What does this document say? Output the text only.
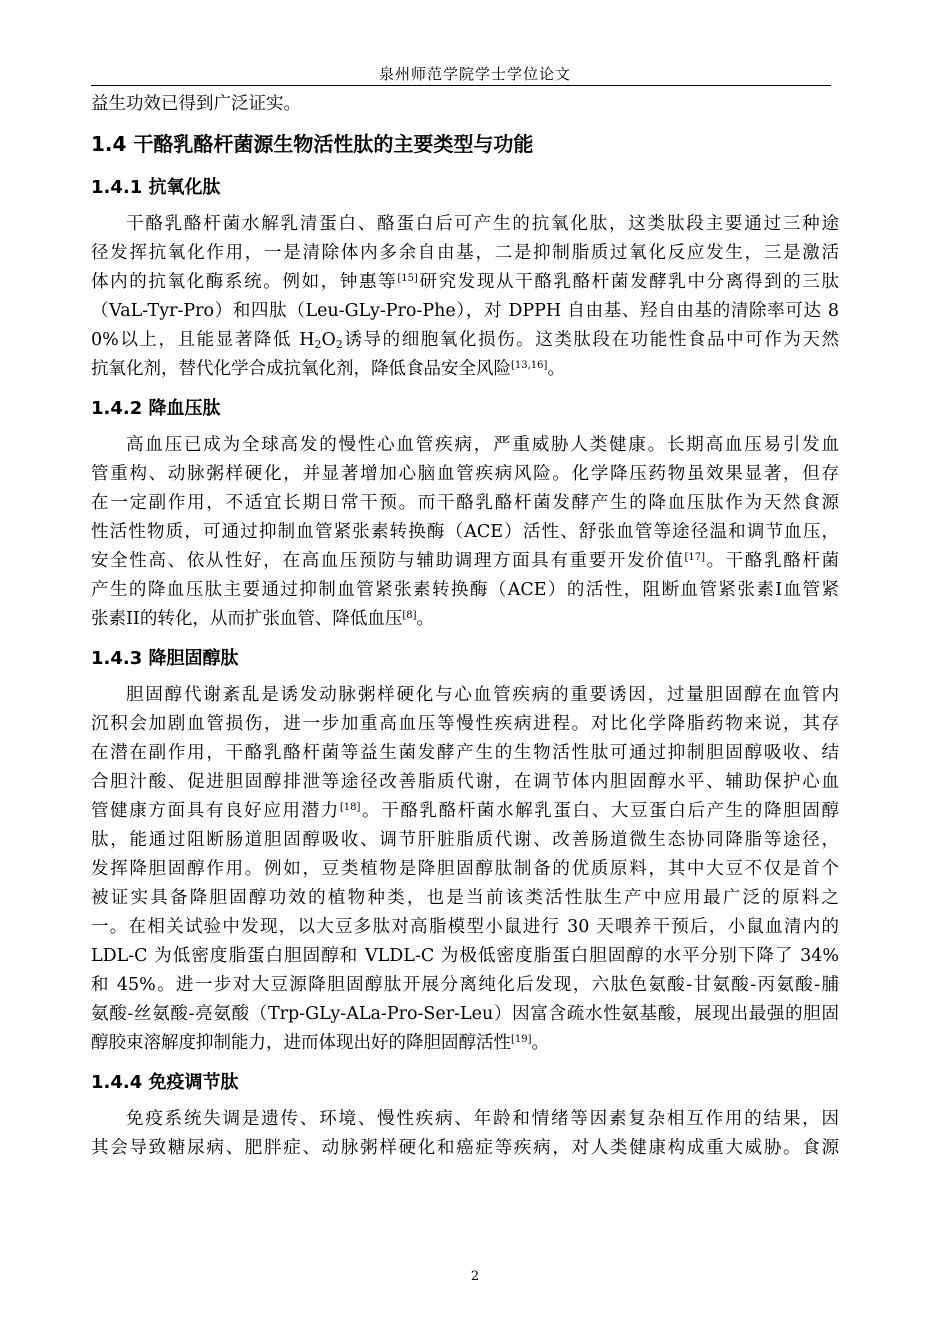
泉州师范学院学士学位论文
益生功效已得到广泛证实。
1.4 干酪乳酪杆菌源生物活性肽的主要类型与功能
1.4.1 抗氧化肽
干酪乳酪杆菌水解乳清蛋白、酪蛋白后可产生的抗氧化肽，这类肽段主要通过三种途
径发挥抗氧化作用，一是清除体内多余自由基，二是抑制脂质过氧化反应发生，三是激活
体内的抗氧化酶系统。例如，钟惠等[15]研究发现从干酪乳酪杆菌发酵乳中分离得到的三肽
（VaL-Tyr-Pro）和四肽（Leu-GLy-Pro-Phe），对 DPPH 自由基、羟自由基的清除率可达 8
0%以上，且能显著降低 $H_2O_2$诱导的细胞氧化损伤。这类肽段在功能性食品中可作为天然
抗氧化剂，替代化学合成抗氧化剂，降低食品安全风险[13,16]。
1.4.2 降血压肽
高血压已成为全球高发的慢性心血管疾病，严重威胁人类健康。长期高血压易引发血
管重构、动脉粥样硬化，并显著增加心脑血管疾病风险。化学降压药物虽效果显著，但存
在一定副作用，不适宜长期日常干预。而干酪乳酪杆菌发酵产生的降血压肽作为天然食源
性活性物质，可通过抑制血管紧张素转换酶（ACE）活性、舒张血管等途径温和调节血压，
安全性高、依从性好，在高血压预防与辅助调理方面具有重要开发价值[17]。干酪乳酪杆菌
产生的降血压肽主要通过抑制血管紧张素转换酶（ACE）的活性，阻断血管紧张素I血管紧
张素II的转化，从而扩张血管、降低血压[8]。
1.4.3 降胆固醇肽
胆固醇代谢紊乱是诱发动脉粥样硬化与心血管疾病的重要诱因，过量胆固醇在血管内
沉积会加剧血管损伤，进一步加重高血压等慢性疾病进程。对比化学降脂药物来说，其存
在潜在副作用，干酪乳酪杆菌等益生菌发酵产生的生物活性肽可通过抑制胆固醇吸收、结
合胆汁酸、促进胆固醇排泄等途径改善脂质代谢，在调节体内胆固醇水平、辅助保护心血
管健康方面具有良好应用潜力[18]。干酪乳酪杆菌水解乳蛋白、大豆蛋白后产生的降胆固醇
肽，能通过阻断肠道胆固醇吸收、调节肝脏脂质代谢、改善肠道微生态协同降脂等途径，
发挥降胆固醇作用。例如，豆类植物是降胆固醇肽制备的优质原料，其中大豆不仅是首个
被证实具备降胆固醇功效的植物种类，也是当前该类活性肽生产中应用最广泛的原料之
一。在相关试验中发现，以大豆多肽对高脂模型小鼠进行 30 天喂养干预后，小鼠血清内的
LDL-C 为低密度脂蛋白胆固醇和 VLDL-C 为极低密度脂蛋白胆固醇的水平分别下降了 34%
和 45%。进一步对大豆源降胆固醇肽开展分离纯化后发现，六肽色氨酸-甘氨酸-丙氨酸-脯
氨酸-丝氨酸-亮氨酸（Trp-GLy-ALa-Pro-Ser-Leu）因富含疏水性氨基酸，展现出最强的胆固
醇胶束溶解度抑制能力，进而体现出好的降胆固醇活性[19]。
1.4.4 免疫调节肽
免疫系统失调是遗传、环境、慢性疾病、年龄和情绪等因素复杂相互作用的结果，因
其会导致糖尿病、肥胖症、动脉粥样硬化和癌症等疾病，对人类健康构成重大威胁。食源
2
